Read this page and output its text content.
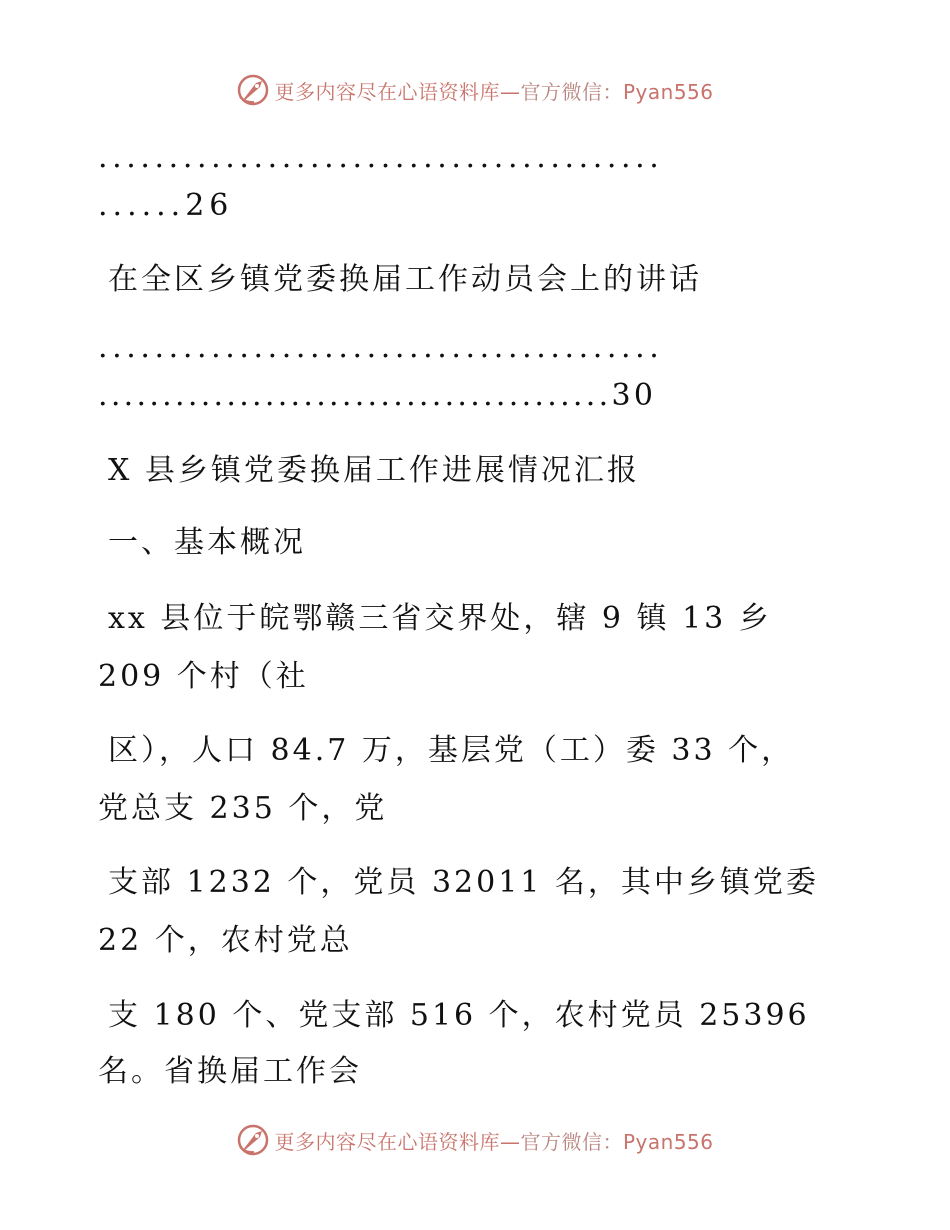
更多内容尽在心语资料库—官方微信：Pyan556
........................................
......26
在全区乡镇党委换届工作动员会上的讲话
........................................
........................................30
X 县乡镇党委换届工作进展情况汇报
一、基本概况
xx 县位于皖鄂赣三省交界处，辖 9 镇 13 乡
209 个村（社
区），人口 84.7 万，基层党（工）委 33 个，
党总支 235 个，党
支部 1232 个，党员 32011 名，其中乡镇党委
22 个，农村党总
支 180 个、党支部 516 个，农村党员 25396
名。省换届工作会
更多内容尽在心语资料库—官方微信：Pyan556
